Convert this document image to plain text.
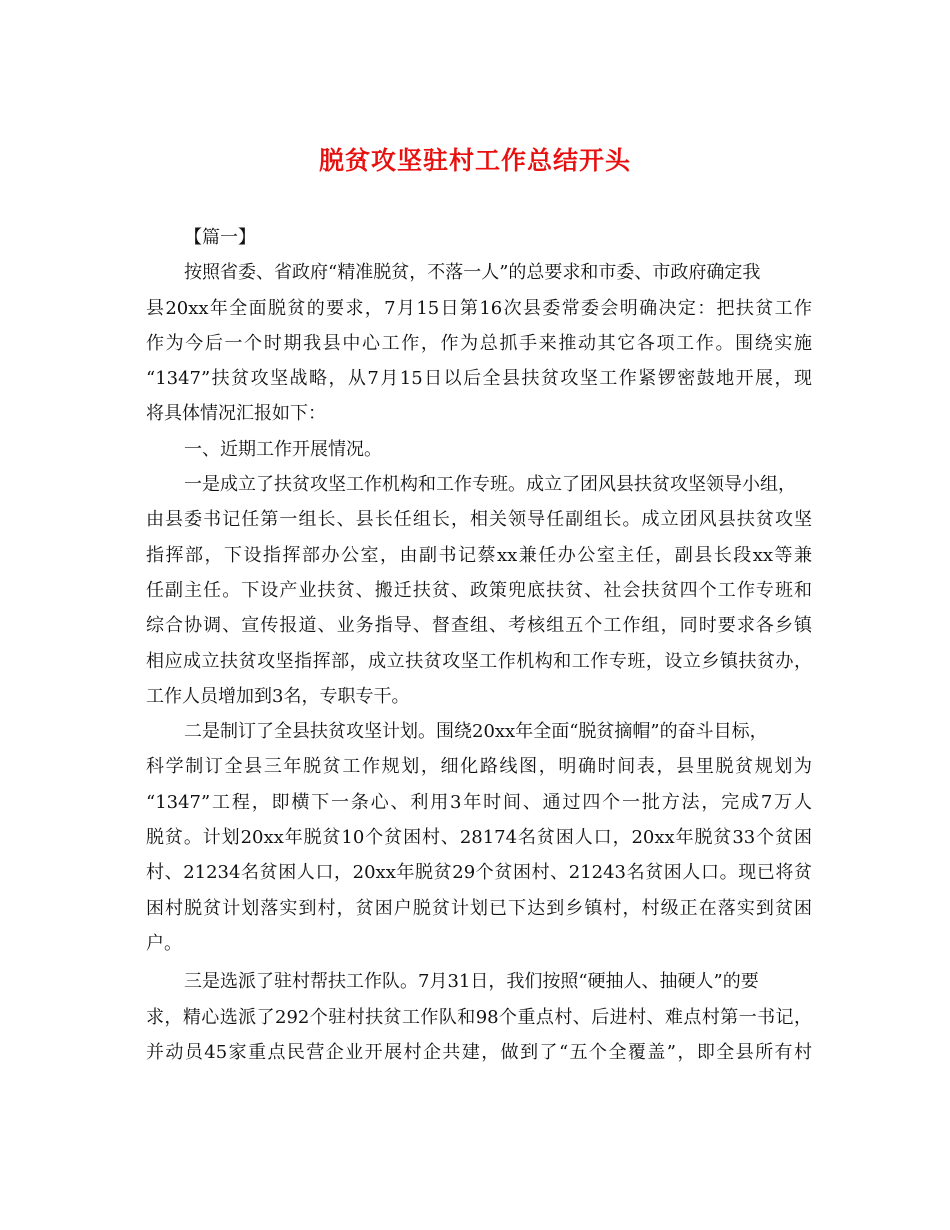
脱贫攻坚驻村工作总结开头
【篇一】
按照省委、省政府“精准脱贫，不落一人”的总要求和市委、市政府确定我
县20xx年全面脱贫的要求，7月15日第16次县委常委会明确决定：把扶贫工作
作为今后一个时期我县中心工作，作为总抓手来推动其它各项工作。围绕实施
“1347”扶贫攻坚战略，从7月15日以后全县扶贫攻坚工作紧锣密鼓地开展，现
将具体情况汇报如下：
一、近期工作开展情况。
一是成立了扶贫攻坚工作机构和工作专班。成立了团风县扶贫攻坚领导小组，
由县委书记任第一组长、县长任组长，相关领导任副组长。成立团风县扶贫攻坚
指挥部，下设指挥部办公室，由副书记蔡xx兼任办公室主任，副县长段xx等兼
任副主任。下设产业扶贫、搬迁扶贫、政策兜底扶贫、社会扶贫四个工作专班和
综合协调、宣传报道、业务指导、督查组、考核组五个工作组，同时要求各乡镇
相应成立扶贫攻坚指挥部，成立扶贫攻坚工作机构和工作专班，设立乡镇扶贫办，
工作人员增加到3名，专职专干。
二是制订了全县扶贫攻坚计划。围绕20xx年全面“脱贫摘帽”的奋斗目标，
科学制订全县三年脱贫工作规划，细化路线图，明确时间表，县里脱贫规划为
“1347”工程，即横下一条心、利用3年时间、通过四个一批方法，完成7万人
脱贫。计划20xx年脱贫10个贫困村、28174名贫困人口，20xx年脱贫33个贫困
村、21234名贫困人口，20xx年脱贫29个贫困村、21243名贫困人口。现已将贫
困村脱贫计划落实到村，贫困户脱贫计划已下达到乡镇村，村级正在落实到贫困
户。
三是选派了驻村帮扶工作队。7月31日，我们按照“硬抽人、抽硬人”的要
求，精心选派了292个驻村扶贫工作队和98个重点村、后进村、难点村第一书记，
并动员45家重点民营企业开展村企共建，做到了“五个全覆盖”，即全县所有村
